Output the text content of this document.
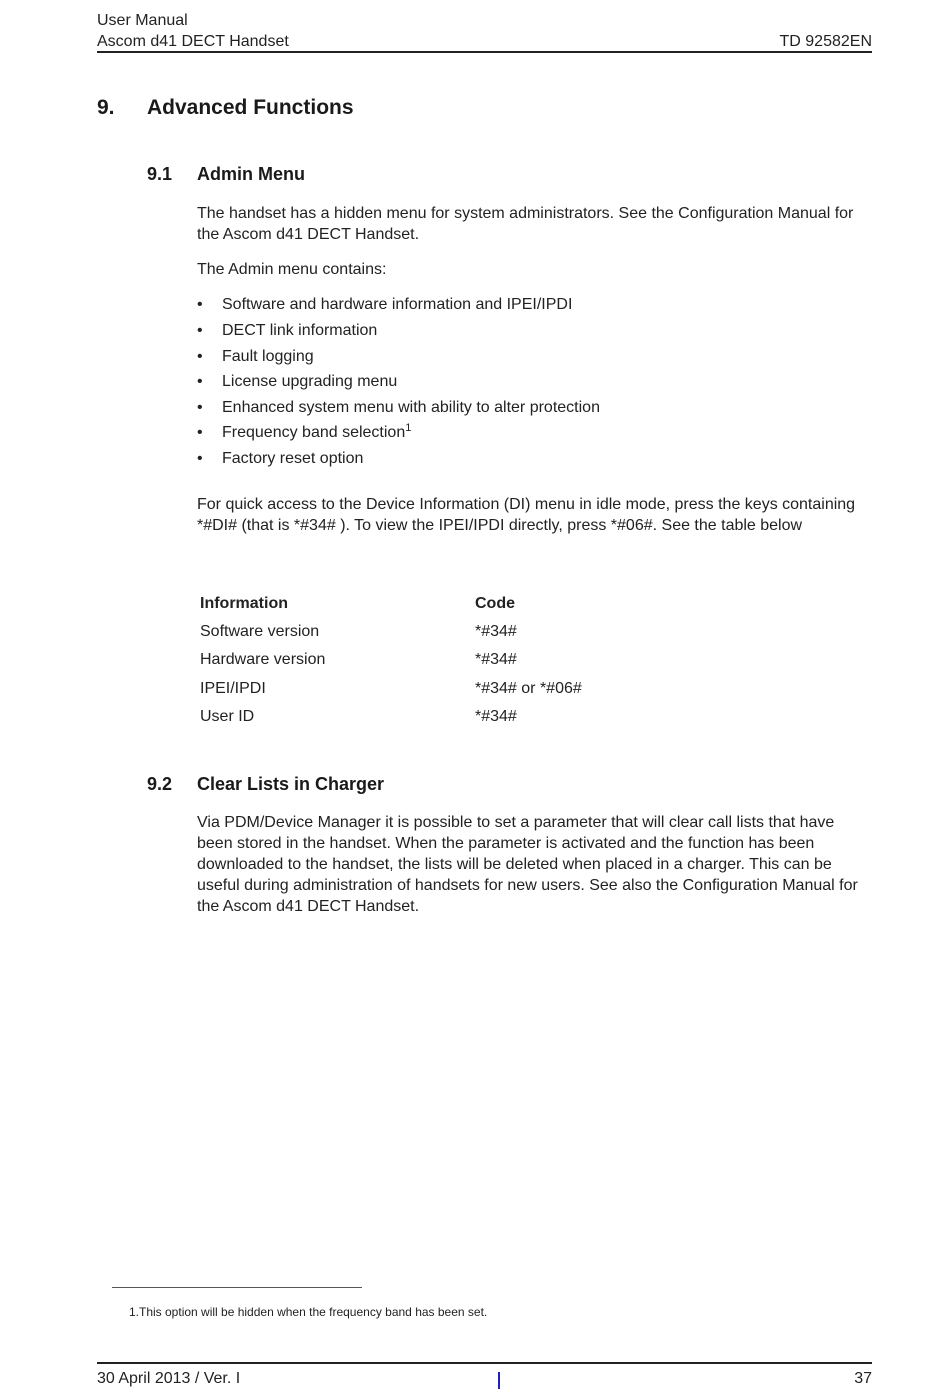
User Manual
Ascom d41 DECT Handset	TD 92582EN
9. Advanced Functions
9.1 Admin Menu
The handset has a hidden menu for system administrators. See the Configuration Manual for the Ascom d41 DECT Handset.
The Admin menu contains:
• Software and hardware information and IPEI/IPDI
• DECT link information
• Fault logging
• License upgrading menu
• Enhanced system menu with ability to alter protection
• Frequency band selection$^1$
• Factory reset option
For quick access to the Device Information (DI) menu in idle mode, press the keys containing *#DI# (that is *#34# ). To view the IPEI/IPDI directly, press *#06#. See the table below
Information	Code
Software version	*#34#
Hardware version	*#34#
IPEI/IPDI	*#34# or *#06#
User ID	*#34#
9.2 Clear Lists in Charger
Via PDM/Device Manager it is possible to set a parameter that will clear call lists that have been stored in the handset. When the parameter is activated and the function has been downloaded to the handset, the lists will be deleted when placed in a charger. This can be useful during administration of handsets for new users. See also the Configuration Manual for the Ascom d41 DECT Handset.
1.This option will be hidden when the frequency band has been set.
30 April 2013 / Ver. I	37
